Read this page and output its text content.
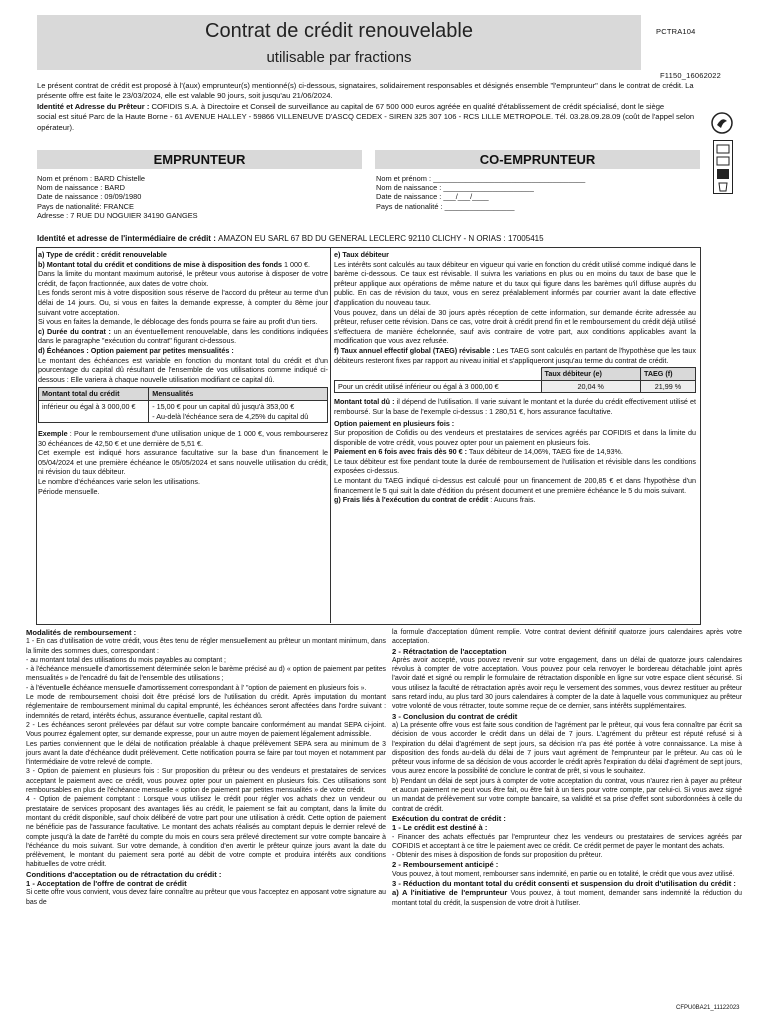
Contrat de crédit renouvelable
utilisable par fractions
PCTRA104
F1150_16062022

Le présent contrat de crédit est proposé à l'(aux) emprunteur(s) mentionné(s) ci-dessous, signataires, solidairement responsables et désignés ensemble "l'emprunteur" dans le contrat de crédit. La

présente offre est faite le 23/03/2024, elle est valable 90 jours, soit jusqu'au 21/06/2024.

Identité et Adresse du Prêteur : COFIDIS S.A. à Directoire et Conseil de surveillance au capital de 67 500 000 euros agréée en qualité d'établissement de crédit spécialisé, dont le siège

social est situé Parc de la Haute Borne - 61 AVENUE HALLEY - 59866 VILLENEUVE D'ASCQ CEDEX - SIREN 325 307 106 - RCS LILLE METROPOLE. Tél. 03.28.09.28.09 (coût de l'appel selon

opérateur).

EMPRUNTEUR	CO-EMPRUNTEUR

Nom et prénom : BARD Chistelle

Nom de naissance : BARD

Date de naissance : 09/09/1980

Pays de nationalité: FRANCE

Adresse : 7 RUE DU NOGUIER 34190 GANGES

Nom et prénom : _____________________________________

Nom de naissance : ______________________

Date de naissance : ___/___/____

Pays de nationalité : _________________

Identité et adresse de l'intermédiaire de crédit : AMAZON EU SARL 67 BD DU GENERAL LECLERC 92110 CLICHY - N ORIAS : 17005415

a) Type de crédit : crédit renouvelable

b) Montant total du crédit et conditions de mise à disposition des fonds 1 000 €.

Dans la limite du montant maximum autorisé, le prêteur vous autorise à disposer de votre crédit, de façon fractionnée, aux dates de votre choix.

Les fonds seront mis à votre disposition sous réserve de l'accord du prêteur au terme d'un délai de 14 jours. Ou, si vous en faites la demande expresse, à compter du 8ème jour suivant votre acceptation.

Si vous en faites la demande, le déblocage des fonds pourra se faire au profit d'un tiers.

c) Durée du contrat : un an éventuellement renouvelable, dans les conditions indiquées dans le paragraphe "exécution du contrat" figurant ci-dessous.

d) Échéances : Option paiement par petites mensualités :

Le montant des échéances est variable en fonction du montant total du crédit et d'un pourcentage du capital dû résultant de l'ensemble de vos utilisations comme indiqué ci-dessous : Elle variera à chaque nouvelle utilisation modifiant ce capital dû.

Montant total du crédit	Mensualités
inférieur ou égal à 3 000,00 €	- 15,00 € pour un capital dû jusqu'à 353,00 €
- Au-delà l'échéance sera de 4,25% du capital dû

Exemple : Pour le remboursement d'une utilisation unique de 1 000 €, vous rembourserez 30 échéances de 42,50 € et une dernière de 5,51 €.

Cet exemple est indiqué hors assurance facultative sur la base d'un financement le 05/04/2024 et une première échéance le 05/05/2024 et sans nouvelle utilisation du crédit, ni révision du taux débiteur.

Le nombre d'échéances varie selon les utilisations.

Période mensuelle.

e) Taux débiteur

Les intérêts sont calculés au taux débiteur en vigueur qui varie en fonction du crédit utilisé comme indiqué dans le barème ci-dessous. Ce taux est révisable. Il suivra les variations en plus ou en moins du taux de base que le prêteur applique aux opérations de même nature et du taux qui figure dans les barèmes qu'il diffuse auprès du public. En cas de révision du taux, vous en serez préalablement informés par courrier avant la date effective d'application du nouveau taux.

Vous pouvez, dans un délai de 30 jours après réception de cette information, sur demande écrite adressée au prêteur, refuser cette révision. Dans ce cas, votre droit à crédit prend fin et le remboursement du crédit déjà utilisé s'effectuera de manière échelonnée, sauf avis contraire de votre part, aux conditions applicables avant la modification que vous avez refusée.

f) Taux annuel effectif global (TAEG) révisable : Les TAEG sont calculés en partant de l'hypothèse que les taux débiteurs resteront fixes par rapport au niveau initial et s'appliqueront jusqu'au terme du contrat de crédit.

	Taux débiteur (e)	TAEG (f)
Pour un crédit utilisé inférieur ou égal à 3 000,00 €	20,04 %	21,99 %

Montant total dû : il dépend de l'utilisation. Il varie suivant le montant et la durée du crédit effectivement utilisé et remboursé. Sur la base de l'exemple ci-dessus : 1 280,51 €, hors assurance facultative.

Option paiement en plusieurs fois :

Sur proposition de Cofidis ou des vendeurs et prestataires de services agréés par COFIDIS et dans la limite du disponible de votre crédit, vous pouvez opter pour un paiement en plusieurs fois.

Paiement en 6 fois avec frais dès 90 € : Taux débiteur de 14,06%, TAEG fixe de 14,93%.

Le taux débiteur est fixe pendant toute la durée de remboursement de l'utilisation et révisible dans les conditions exposées ci-dessus.

Le montant du TAEG indiqué ci-dessus est calculé pour un financement de 200,85 € et dans l'hypothèse d'un financement le 5 qui suit la date d'édition du présent document et une première échéance le 5 du mois suivant.

g) Frais liés à l'exécution du contrat de crédit : Aucuns frais.

Modalités de remboursement :

1 - En cas d'utilisation de votre crédit, vous êtes tenu de régler mensuellement au prêteur un montant minimum, dans la limite des sommes dues, correspondant :

- au montant total des utilisations du mois payables au comptant ;

- à l'échéance mensuelle d'amortissement déterminée selon le barème précisé au d) « option de paiement par petites mensualités » de l'encadré du fait de l'ensemble des utilisations ;

- à l'éventuelle échéance mensuelle d'amortissement correspondant à l' "option de paiement en plusieurs fois ».

Le mode de remboursement choisi doit être précisé lors de l'utilisation du crédit. Après imputation du montant réglementaire de remboursement minimal du capital emprunté, les échéances seront affectées dans l'ordre suivant : indemnités de retard, intérêts échus, assurance éventuelle, capital restant dû.

2 - Les échéances seront prélevées par défaut sur votre compte bancaire conformément au mandat SEPA ci-joint. Vous pourrez également opter, sur demande expresse, pour un autre moyen de paiement légalement admissible.

Les parties conviennent que le délai de notification préalable à chaque prélèvement SEPA sera au minimum de 3 jours avant la date d'échéance dudit prélèvement. Cette notification pourra se faire par tout moyen et notamment par l'intermédiaire de votre relevé de compte.

3 - Option de paiement en plusieurs fois : Sur proposition du prêteur ou des vendeurs et prestataires de services acceptant le paiement avec ce crédit, vous pouvez opter pour un paiement en plusieurs fois. Ces utilisations sont remboursables en plus de l'échéance mensuelle « option de paiement par petites mensualités » de votre crédit.

4 - Option de paiement comptant : Lorsque vous utilisez le crédit pour régler vos achats chez un vendeur ou prestataire de services proposant des avantages liés au crédit, le paiement se fait au comptant, dans la limite du montant du crédit disponible, sauf choix délibéré de votre part pour une utilisation à crédit. Cette option de paiement ne bénéficie pas de l'assurance facultative. Le montant des achats réalisés au comptant depuis le dernier relevé de compte jusqu'à la date de l'arrêté du compte du mois en cours sera prélevé directement sur votre compte bancaire à l'échéance du mois suivant. Sur votre demande, à condition d'en avertir le prêteur quinze jours avant la date du prélèvement, le montant du paiement sera porté au débit de votre compte et produira intérêts aux conditions habituelles de votre crédit.

Conditions d'acceptation ou de rétractation du crédit :

1 - Acceptation de l'offre de contrat de crédit

Si cette offre vous convient, vous devez faire connaître au prêteur que vous l'acceptez en apposant votre signature au bas de

la formule d'acceptation dûment remplie. Votre contrat devient définitif quatorze jours calendaires après votre acceptation.

2 - Rétractation de l'acceptation

Après avoir accepté, vous pouvez revenir sur votre engagement, dans un délai de quatorze jours calendaires révolus à compter de votre acceptation. Vous pouvez pour cela renvoyer le bordereau détachable joint après l'avoir daté et signé ou remplir le formulaire de rétractation disponible en ligne sur votre espace client sécurisé. Si vous utilisez la faculté de rétractation après avoir reçu le versement des sommes, vous devrez restituer au prêteur sans retard indu, au plus tard 30 jours calendaires à compter de la date à laquelle vous communiquez au prêteur votre volonté de vous rétracter, toute somme reçue de ce dernier, sans intérêts supplémentaires.

3 - Conclusion du contrat de crédit

a) La présente offre vous est faite sous condition de l'agrément par le prêteur, qui vous fera connaître par écrit sa décision de vous accorder le crédit dans un délai de 7 jours. L'agrément du prêteur est réputé refusé si à l'expiration du délai d'agrément de sept jours, sa décision n'a pas été portée à votre connaissance. La mise à disposition des fonds au-delà du délai de 7 jours vaut agrément de l'emprunteur par le prêteur. Au cas où le prêteur vous informe de sa décision de vous accorder le crédit après l'expiration du délai d'agrément de sept jours, vous aurez encore la possibilité de conclure le contrat de prêt, si vous le souhaitez.

b) Pendant un délai de sept jours à compter de votre acceptation du contrat, vous n'aurez rien à payer au prêteur et aucun paiement ne peut vous être fait, ou être fait à un tiers pour votre compte, par celui-ci. Si vous avez signé un mandat de prélèvement sur votre compte bancaire, sa validité et sa prise d'effet sont subordonnées à celle du contrat de crédit.

Exécution du contrat de crédit :

1 - Le crédit est destiné à :

- Financer des achats effectués par l'emprunteur chez les vendeurs ou prestataires de services agréés par COFIDIS et acceptant à ce titre le paiement avec ce crédit. Ce crédit permet de payer le montant des achats.

- Obtenir des mises à disposition de fonds sur proposition du prêteur.

2 - Remboursement anticipé :

Vous pouvez, à tout moment, rembourser sans indemnité, en partie ou en totalité, le crédit que vous avez utilisé.

3 - Réduction du montant total du crédit consenti et suspension du droit d'utilisation du crédit :

a) A l'initiative de l'emprunteur Vous pouvez, à tout moment, demander sans indemnité la réduction du montant total du crédit, la suspension de votre droit à l'utiliser.

CFPU0BA21_11122023
